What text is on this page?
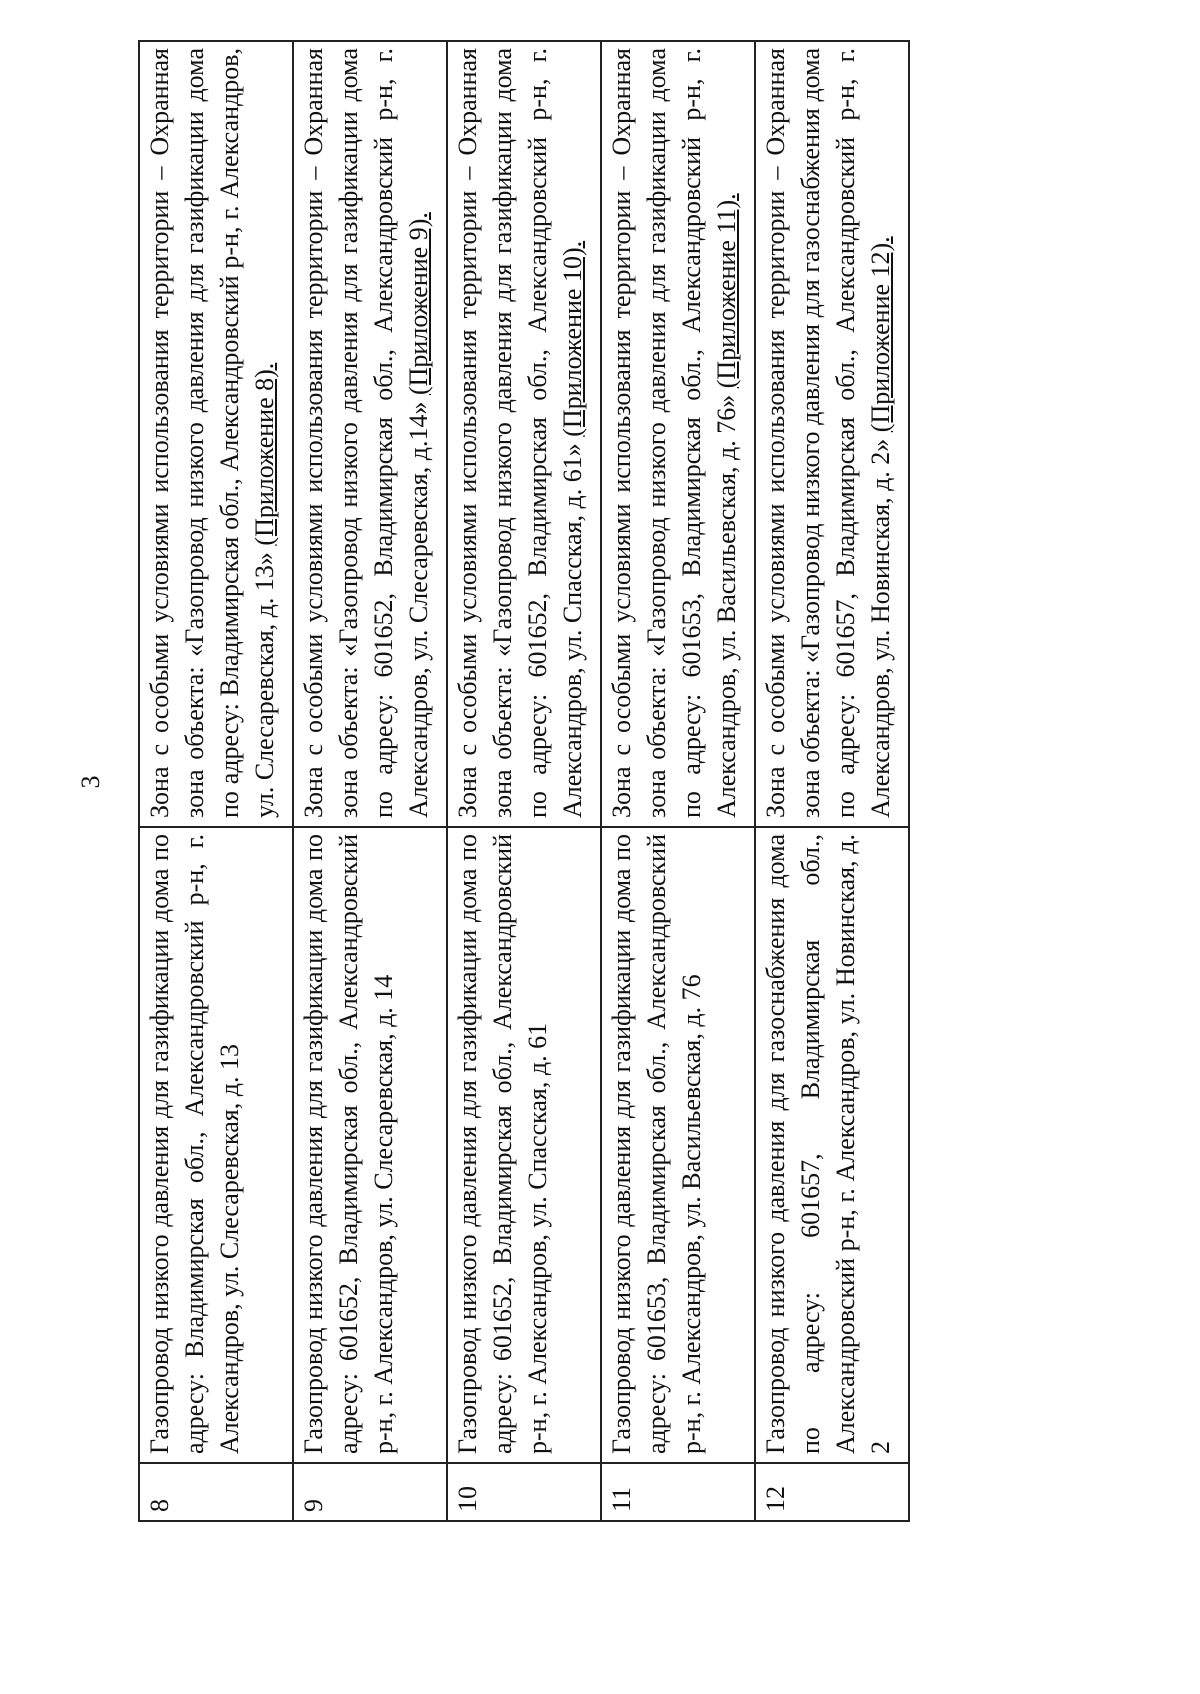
3
8	Газопровод низкого давления для газификации дома по адресу: Владимирская обл., Александровский р-н, г. Александров, ул. Слесаревская, д. 13	Зона с особыми условиями использования территории – Охранная зона объекта: «Газопровод низкого давления для газификации дома по адресу: Владимирская обл., Александровский р-н, г. Александров, ул. Слесаревская, д. 13» (Приложение 8).
9	Газопровод низкого давления для газификации дома по адресу: 601652, Владимирская обл., Александровский р-н, г. Александров, ул. Слесаревская, д. 14	Зона с особыми условиями использования территории – Охранная зона объекта: «Газопровод низкого давления для газификации дома по адресу: 601652, Владимирская обл., Александровский р-н, г. Александров, ул. Слесаревская, д.14» (Приложение 9).
10	Газопровод низкого давления для газификации дома по адресу: 601652, Владимирская обл., Александровский р-н, г. Александров, ул. Спасская, д. 61	Зона с особыми условиями использования территории – Охранная зона объекта: «Газопровод низкого давления для газификации дома по адресу: 601652, Владимирская обл., Александровский р-н, г. Александров, ул. Спасская, д. 61» (Приложение 10).
11	Газопровод низкого давления для газификации дома по адресу: 601653, Владимирская обл., Александровский р-н, г. Александров, ул. Васильевская, д. 76	Зона с особыми условиями использования территории – Охранная зона объекта: «Газопровод низкого давления для газификации дома по адресу: 601653, Владимирская обл., Александровский р-н, г. Александров, ул. Васильевская, д. 76» (Приложение 11).
12	Газопровод низкого давления для газоснабжения дома по адресу: 601657, Владимирская обл., Александровский р-н, г. Александров, ул. Новинская, д. 2	Зона с особыми условиями использования территории – Охранная зона объекта: «Газопровод низкого давления для газоснабжения дома по адресу: 601657, Владимирская обл., Александровский р-н, г. Александров, ул. Новинская, д. 2» (Приложение 12).
